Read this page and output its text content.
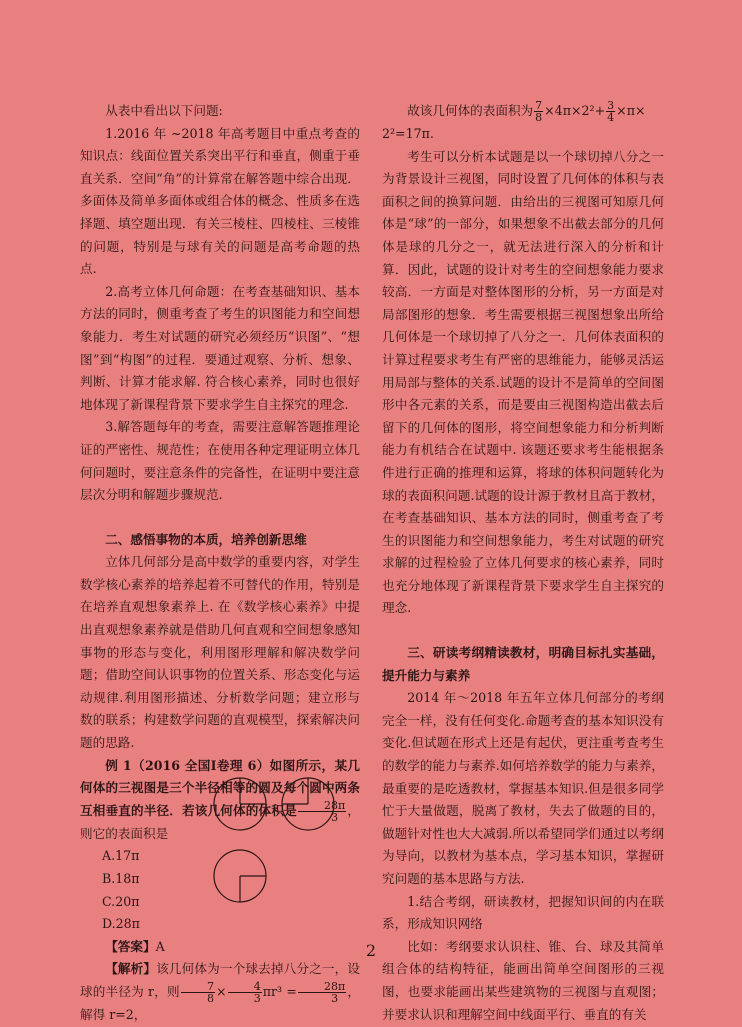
从表中看出以下问题:

1.2016 年 ~2018 年高考题目中重点考查的知识点：线面位置关系突出平行和垂直，侧重于垂直关系．空间“角”的计算常在解答题中综合出现．多面体及简单多面体或组合体的概念、性质多在选择题、填空题出现．有关三棱柱、四棱柱、三棱锥的问题，特别是与球有关的问题是高考命题的热点.

2.高考立体几何命题：在考查基础知识、基本方法的同时，侧重考查了考生的识图能力和空间想象能力．考生对试题的研究必须经历“识图”、“想图”到“构图”的过程．要通过观察、分析、想象、判断、计算才能求解. 符合核心素养，同时也很好地体现了新课程背景下要求学生自主探究的理念.

3.解答题每年的考查，需要注意解答题推理论证的严密性、规范性；在使用各种定理证明立体几何问题时，要注意条件的完备性，在证明中要注意层次分明和解题步骤规范.

二、感悟事物的本质，培养创新思维

立体几何部分是高中数学的重要内容，对学生数学核心素养的培养起着不可替代的作用，特别是在培养直观想象素养上. 在《数学核心素养》中提出直观想象素养就是借助几何直观和空间想象感知事物的形态与变化，利用图形理解和解决数学问题；借助空间认识事物的位置关系、形态变化与运动规律.利用图形描述、分析数学问题；建立形与数的联系；构建数学问题的直观模型，探索解决问题的思路.

例 1（2016 全国Ⅰ卷理 6）如图所示，某几何体的三视图是三个半径相等的圆及每个圆中两条互相垂直的半径．若该几何体的体积是 $\frac{28\pi}{3}$ ，则它的表面积是

A.17π

B.18π

C.20π

D.28π

【答案】A

【解析】该几何体为一个球去掉八分之一，设球的半径为 r，则 $\frac{7}{8} \times \frac{4}{3} \pi r^3 = \frac{28\pi}{3}$ ，解得 r=2，

故该几何体的表面积为 $\frac{7}{8} \times 4\pi\times 2^2+ \frac{3}{4} \times\pi\times$

2²=17π.

考生可以分析本试题是以一个球切掉八分之一为背景设计三视图，同时设置了几何体的体积与表面积之间的换算问题．由给出的三视图可知原几何体是“球”的一部分，如果想象不出截去部分的几何体是球的几分之一，就无法进行深入的分析和计算．因此，试题的设计对考生的空间想象能力要求较高．一方面是对整体图形的分析，另一方面是对局部图形的想象．考生需要根据三视图想象出所给几何体是一个球切掉了八分之一．几何体表面积的计算过程要求考生有严密的思维能力，能够灵活运用局部与整体的关系.试题的设计不是简单的空间图形中各元素的关系，而是要由三视图构造出截去后留下的几何体的图形，将空间想象能力和分析判断能力有机结合在试题中. 该题还要求考生能根据条件进行正确的推理和运算，将球的体积问题转化为球的表面积问题.试题的设计源于教材且高于教材，在考查基础知识、基本方法的同时，侧重考查了考生的识图能力和空间想象能力，考生对试题的研究求解的过程检验了立体几何要求的核心素养，同时也充分地体现了新课程背景下要求学生自主探究的理念.

三、研读考纲精读教材，明确目标扎实基础，提升能力与素养

2014 年～2018 年五年立体几何部分的考纲完全一样，没有任何变化.命题考查的基本知识没有变化.但试题在形式上还是有起伏，更注重考查考生的数学的能力与素养.如何培养数学的能力与素养，最重要的是吃透教材，掌握基本知识.但是很多同学忙于大量做题，脱离了教材，失去了做题的目的，做题针对性也大大减弱.所以希望同学们通过以考纲为导向，以教材为基本点，学习基本知识，掌握研究问题的基本思路与方法.

1.结合考纲，研读教材，把握知识间的内在联系，形成知识网络

比如：考纲要求认识柱、锥、台、球及其简单组合体的结构特征，能画出简单空间图形的三视图，也要求能画出某些建筑物的三视图与直观图；并要求认识和理解空间中线面平行、垂直的有关

2
